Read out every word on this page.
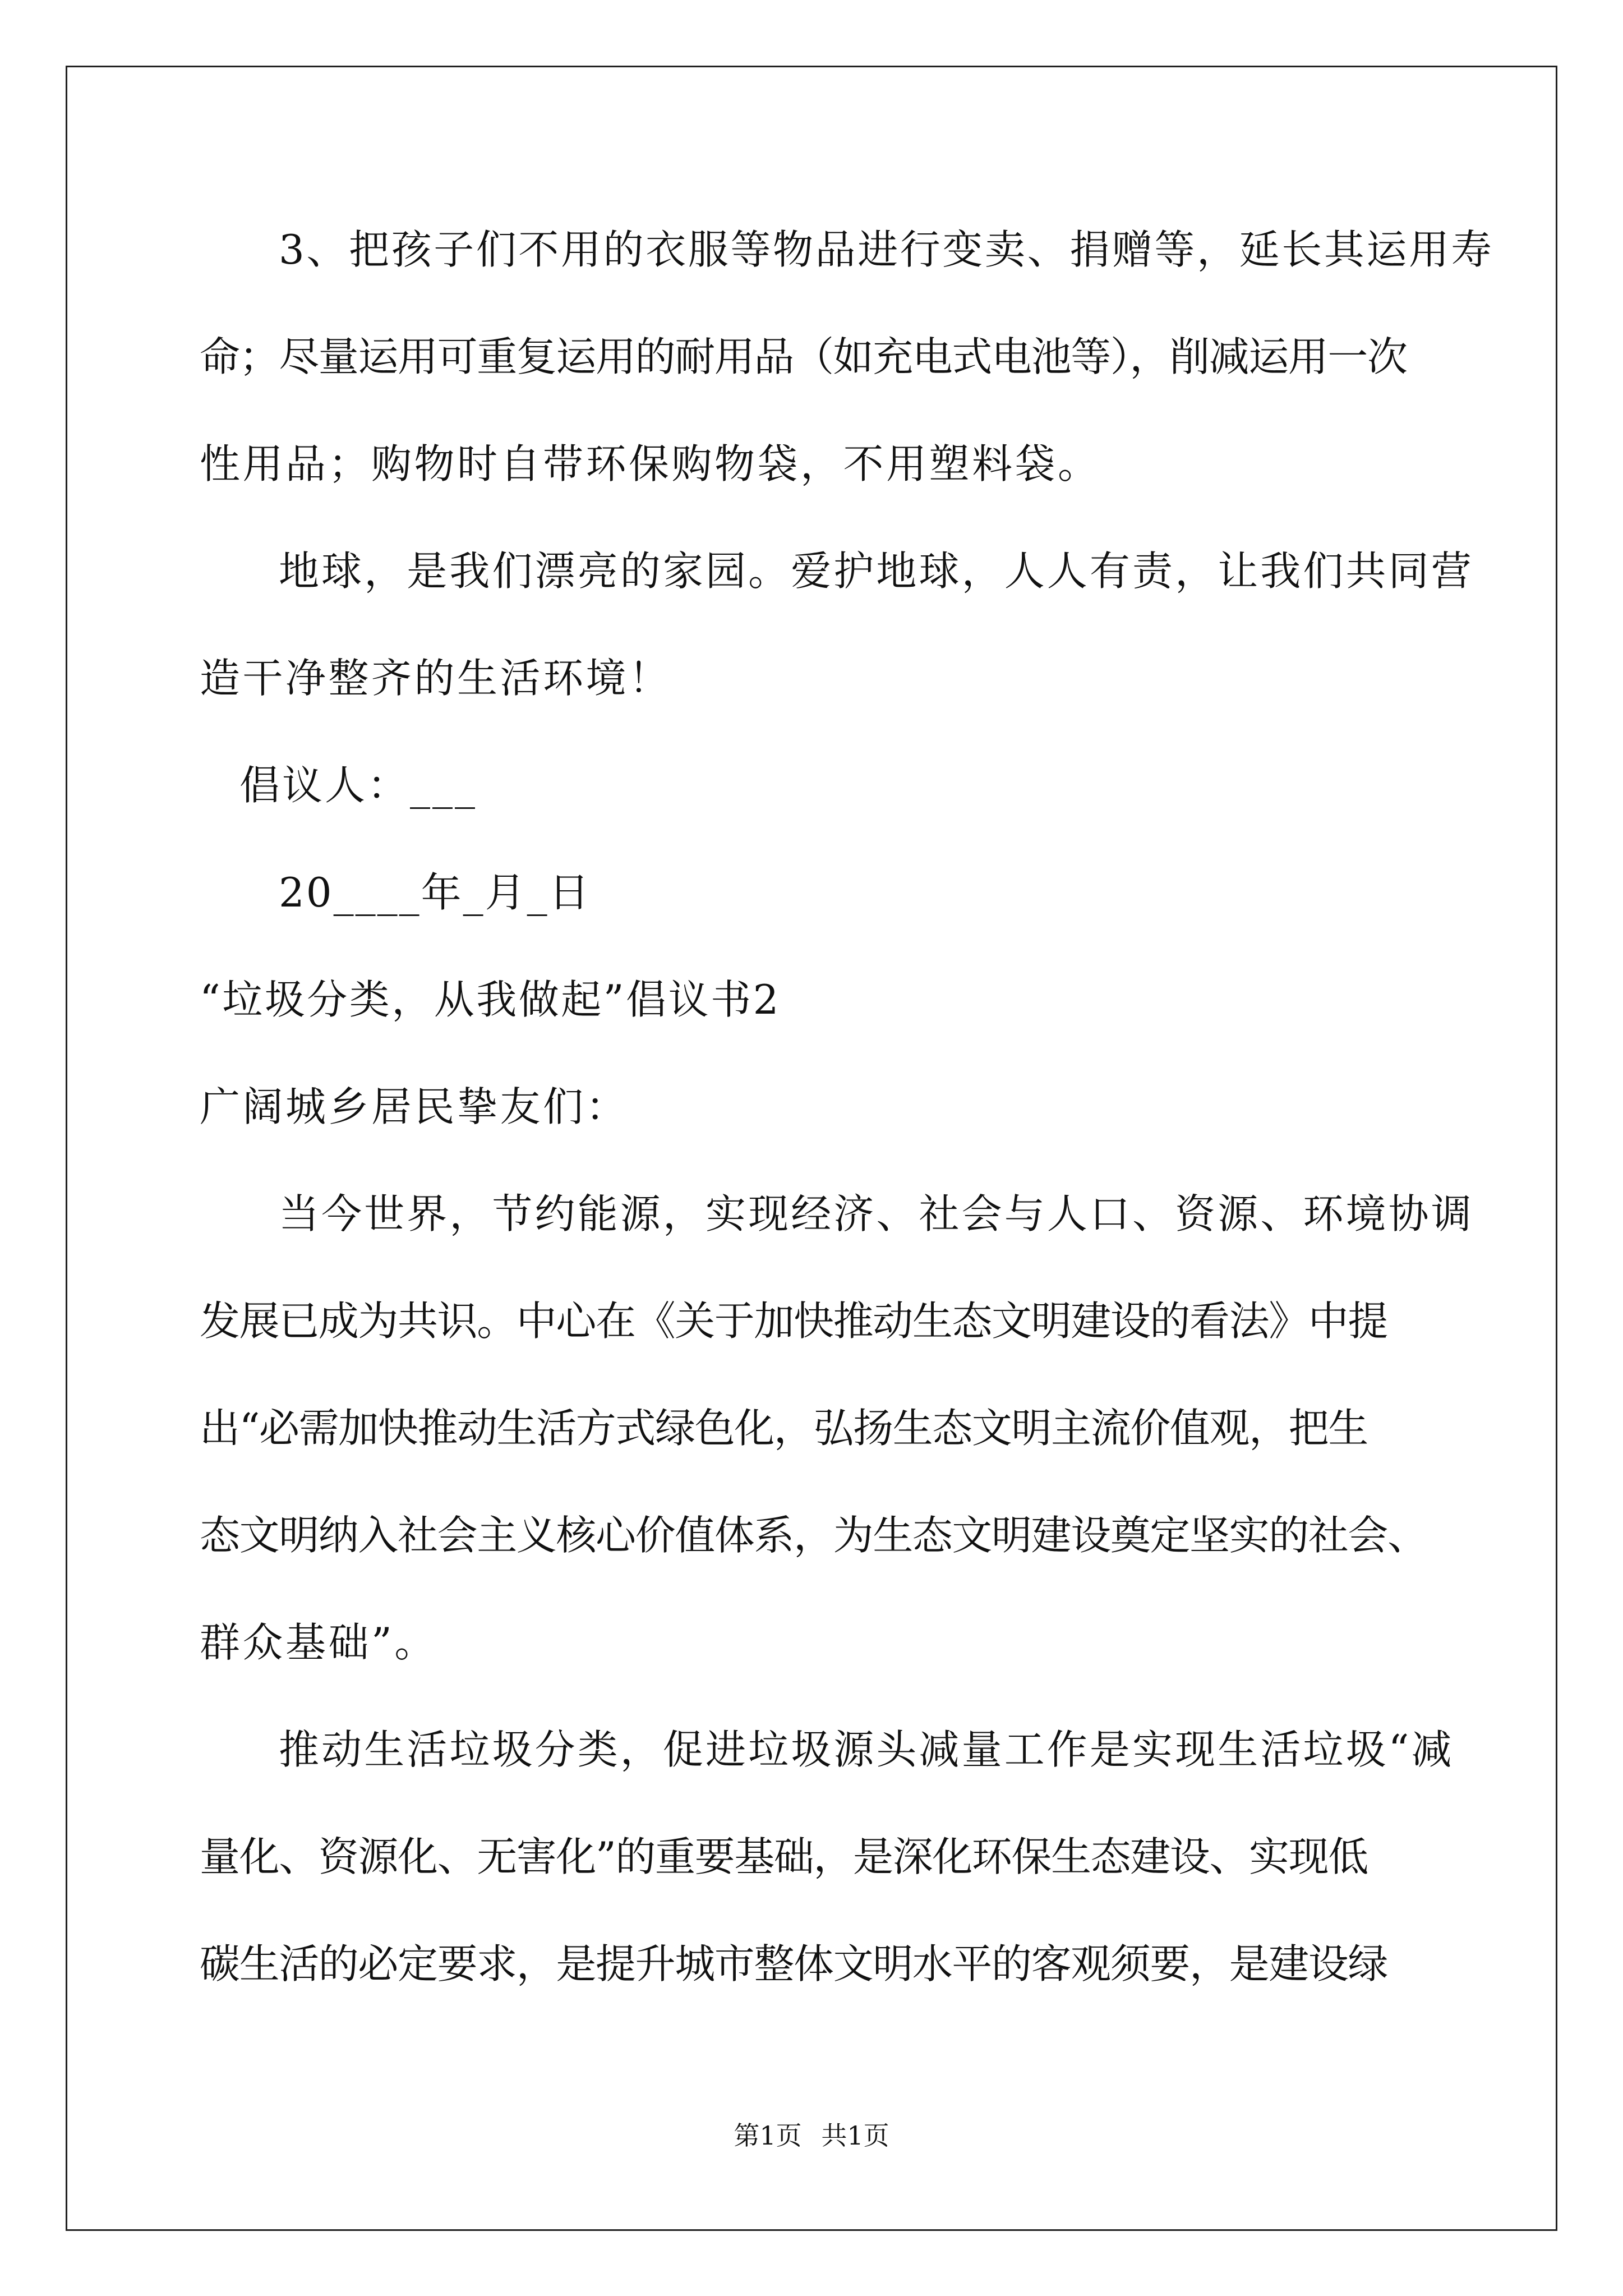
3、把孩子们不用的衣服等物品进行变卖、捐赠等，延长其运用寿
命；尽量运用可重复运用的耐用品（如充电式电池等），削减运用一次
性用品；购物时自带环保购物袋，不用塑料袋。
地球，是我们漂亮的家园。爱护地球，人人有责，让我们共同营
造干净整齐的生活环境！
倡议人：___
20____年_月_日
“垃圾分类，从我做起”倡议书2
广阔城乡居民挚友们：
当今世界，节约能源，实现经济、社会与人口、资源、环境协调
发展已成为共识。中心在《关于加快推动生态文明建设的看法》中提
出“必需加快推动生活方式绿色化，弘扬生态文明主流价值观，把生
态文明纳入社会主义核心价值体系，为生态文明建设奠定坚实的社会、
群众基础”。
推动生活垃圾分类，促进垃圾源头减量工作是实现生活垃圾“减
量化、资源化、无害化”的重要基础，是深化环保生态建设、实现低
碳生活的必定要求，是提升城市整体文明水平的客观须要，是建设绿
第1页 共1页
